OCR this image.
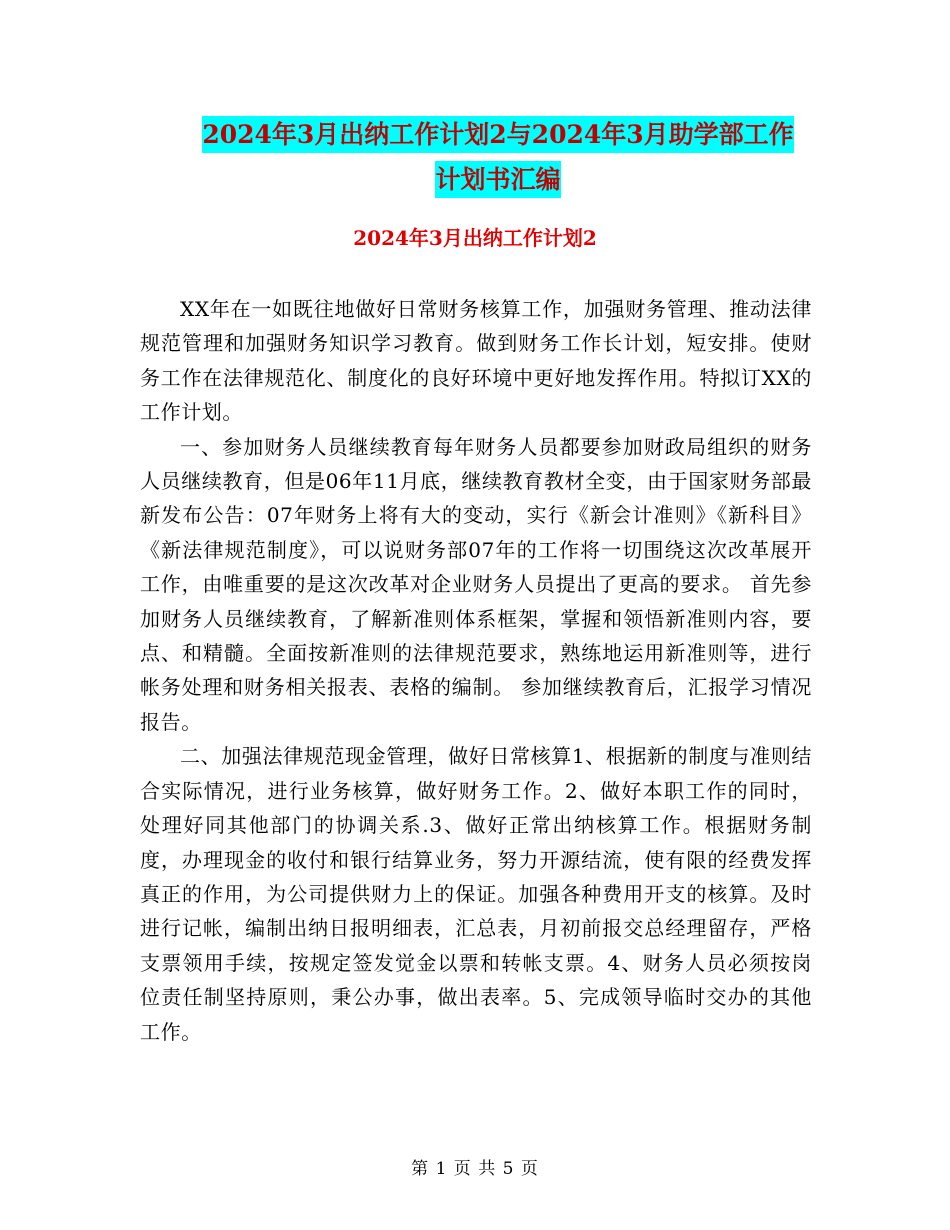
2024年3月出纳工作计划2与2024年3月助学部工作
计划书汇编
2024年3月出纳工作计划2

XX年在一如既往地做好日常财务核算工作，加强财务管理、推动法律规范管理和加强财务知识学习教育。做到财务工作长计划，短安排。使财务工作在法律规范化、制度化的良好环境中更好地发挥作用。特拟订XX的工作计划。

一、参加财务人员继续教育每年财务人员都要参加财政局组织的财务人员继续教育，但是06年11月底，继续教育教材全变，由于国家财务部最新发布公告：07年财务上将有大的变动，实行《新会计准则》《新科目》《新法律规范制度》，可以说财务部07年的工作将一切围绕这次改革展开工作，由唯重要的是这次改革对企业财务人员提出了更高的要求。 首先参加财务人员继续教育，了解新准则体系框架，掌握和领悟新准则内容，要点、和精髓。全面按新准则的法律规范要求，熟练地运用新准则等，进行帐务处理和财务相关报表、表格的编制。 参加继续教育后，汇报学习情况报告。

二、加强法律规范现金管理，做好日常核算1、根据新的制度与准则结合实际情况，进行业务核算，做好财务工作。2、做好本职工作的同时，处理好同其他部门的协调关系.3、做好正常出纳核算工作。根据财务制度，办理现金的收付和银行结算业务，努力开源结流，使有限的经费发挥真正的作用，为公司提供财力上的保证。加强各种费用开支的核算。及时进行记帐，编制出纳日报明细表，汇总表，月初前报交总经理留存，严格支票领用手续，按规定签发觉金以票和转帐支票。4、财务人员必须按岗位责任制坚持原则，秉公办事，做出表率。5、完成领导临时交办的其他工作。

第 1 页 共 5 页
